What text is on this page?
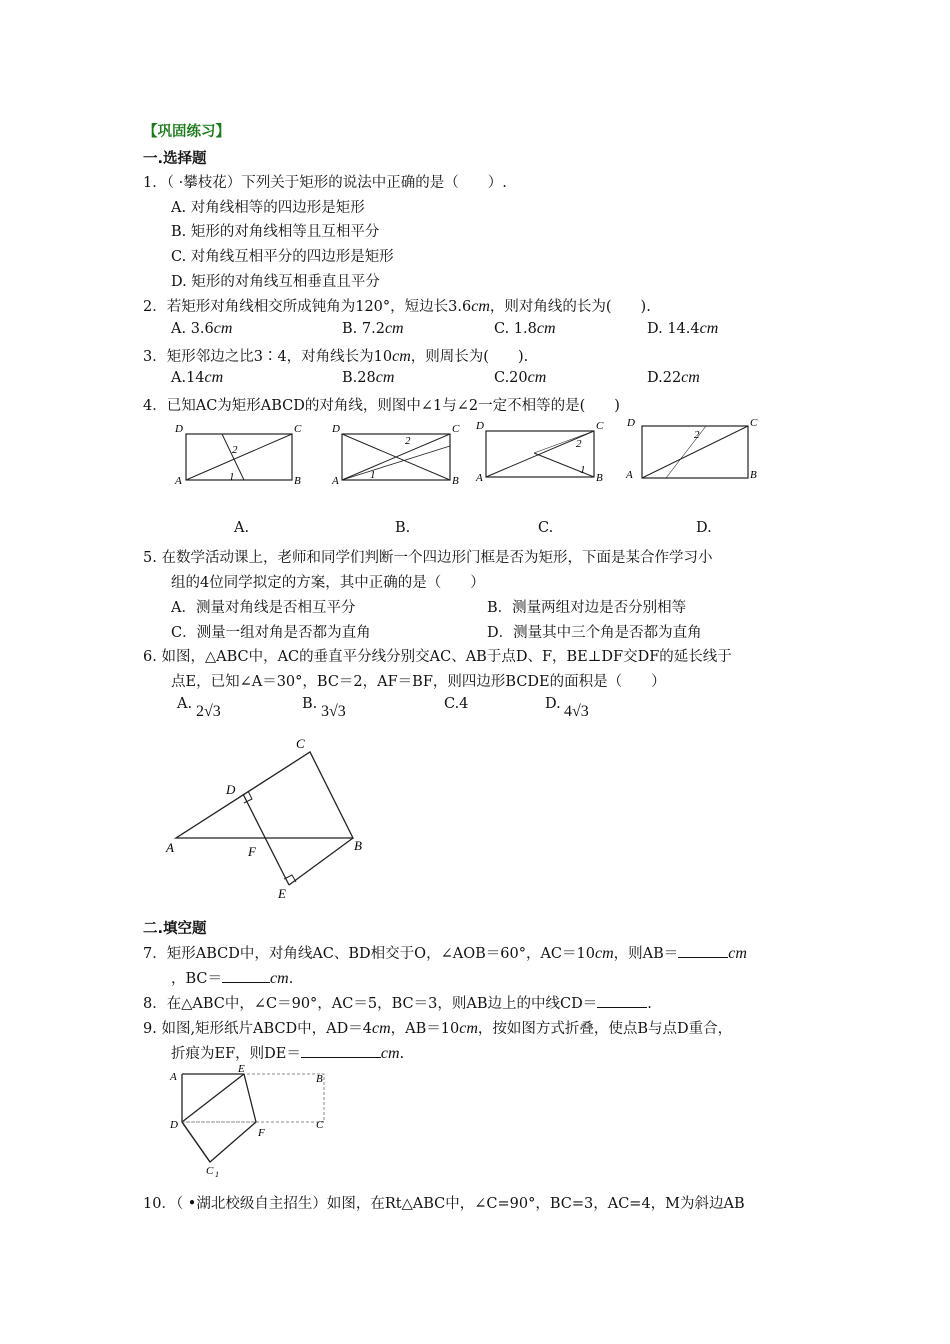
【巩固练习】
一.选择题
1．（ ·攀枝花）下列关于矩形的说法中正确的是（　　）.
A. 对角线相等的四边形是矩形
B. 矩形的对角线相等且互相平分
C. 对角线互相平分的四边形是矩形
D. 矩形的对角线互相垂直且平分
2．若矩形对角线相交所成钝角为120°，短边长3.6cm，则对角线的长为(　　).
A. 3.6cm	B. 7.2cm	C. 1.8cm	D. 14.4cm
3．矩形邻边之比3∶4，对角线长为10cm，则周长为(　　).
A.14cm	B.28cm	C.20cm	D.22cm
4．已知AC为矩形ABCD的对角线，则图中∠1与∠2一定不相等的是(　　)
D	C
A	B
2
1
D	C
A	B
2
1
D	C
A	B
2
1
D	C
A	B
2
A.	B.	C.	D.
5. 在数学活动课上，老师和同学们判断一个四边形门框是否为矩形，下面是某合作学习小
组的4位同学拟定的方案，其中正确的是（　　）
A．测量对角线是否相互平分	B．测量两组对边是否分别相等
C．测量一组对角是否都为直角	D．测量其中三个角是否都为直角
6. 如图，△ABC中，AC的垂直平分线分别交AC、AB于点D、F，BE⊥DF交DF的延长线于
点E，已知∠A＝30°，BC＝2，AF＝BF，则四边形BCDE的面积是（　　）
A. 2√3	B. 3√3	C.4	D. 4√3
C
D
A	F	B
E
二.填空题
7．矩形ABCD中，对角线AC、BD相交于O，∠AOB＝60°，AC＝10cm，则AB＝	cm
，BC＝	cm.
8．在△ABC中，∠C＝90°，AC＝5，BC＝3，则AB边上的中线CD＝	.
9. 如图,矩形纸片ABCD中，AD＝4cm，AB＝10cm，按如图方式折叠，使点B与点D重合，
折痕为EF，则DE＝	cm.
A
E
B
D
F
C
C 1
10．（ •湖北校级自主招生）如图，在Rt△ABC中，∠C=90°，BC=3，AC=4，M为斜边AB
